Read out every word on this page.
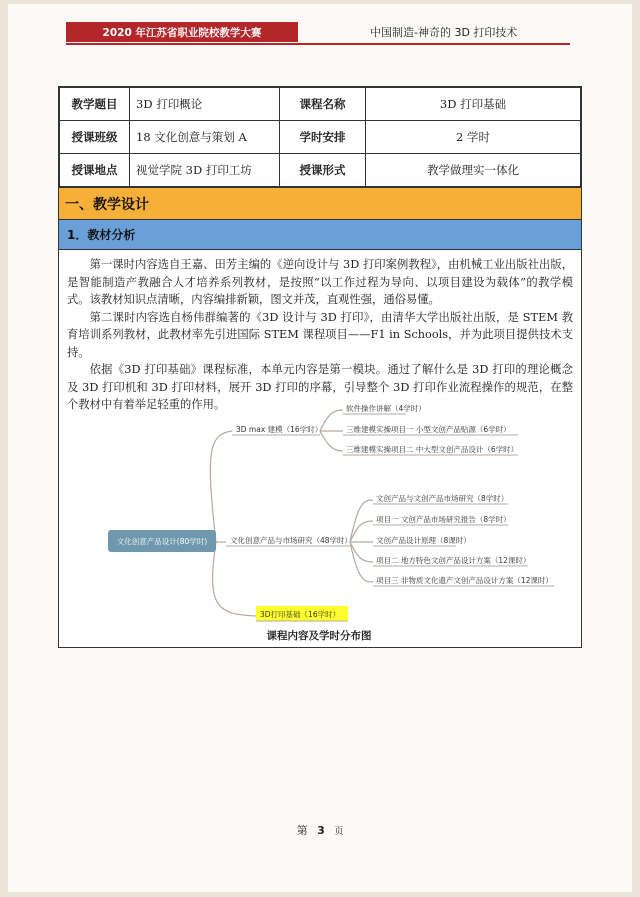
2020 年江苏省职业院校教学大赛	中国制造-神奇的 3D 打印技术
教学题目	3D 打印概论	课程名称	3D 打印基础
授课班级	18 文化创意与策划 A	学时安排	2 学时
授课地点	视觉学院 3D 打印工坊	授课形式	教学做理实一体化
一、教学设计
1．教材分析

第一课时内容选自王嘉、田芳主编的《逆向设计与 3D 打印案例教程》，由机械工业出版社出版，是智能制造产教融合人才培养系列教材，是按照“以工作过程为导向、以项目建设为载体”的教学模式。该教材知识点清晰，内容编排新颖，图文并茂，直观性强，通俗易懂。

第二课时内容选自杨伟群编著的《3D 设计与 3D 打印》，由清华大学出版社出版，是 STEM 教育培训系列教材，此教材率先引进国际 STEM 课程项目——F1 in Schools，并为此项目提供技术支持。

依据《3D 打印基础》课程标准，本单元内容是第一模块。通过了解什么是 3D 打印的理论概念及 3D 打印机和 3D 打印材料，展开 3D 打印的序幕，引导整个 3D 打印作业流程操作的规范，在整个教材中有着举足轻重的作用。

文化创意产品设计(80学时)
3D max 建模（16学时）
软件操作讲解（4学时）
三维建模实操项目一 小型文创产品贴源（6学时）
三维建模实操项目二 中大型文创产品设计（6学时）
文化创意产品与市场研究（48学时）
文创产品与文创产品市场研究（8学时）
项目一 文创产品市场研究报告（8学时）
文创产品设计原理（8课时）
项目二 地方特色文创产品设计方案（12课时）
项目三 非物质文化遗产文创产品设计方案（12课时）
3D打印基础（16学时）
课程内容及学时分布图
第 3 页
